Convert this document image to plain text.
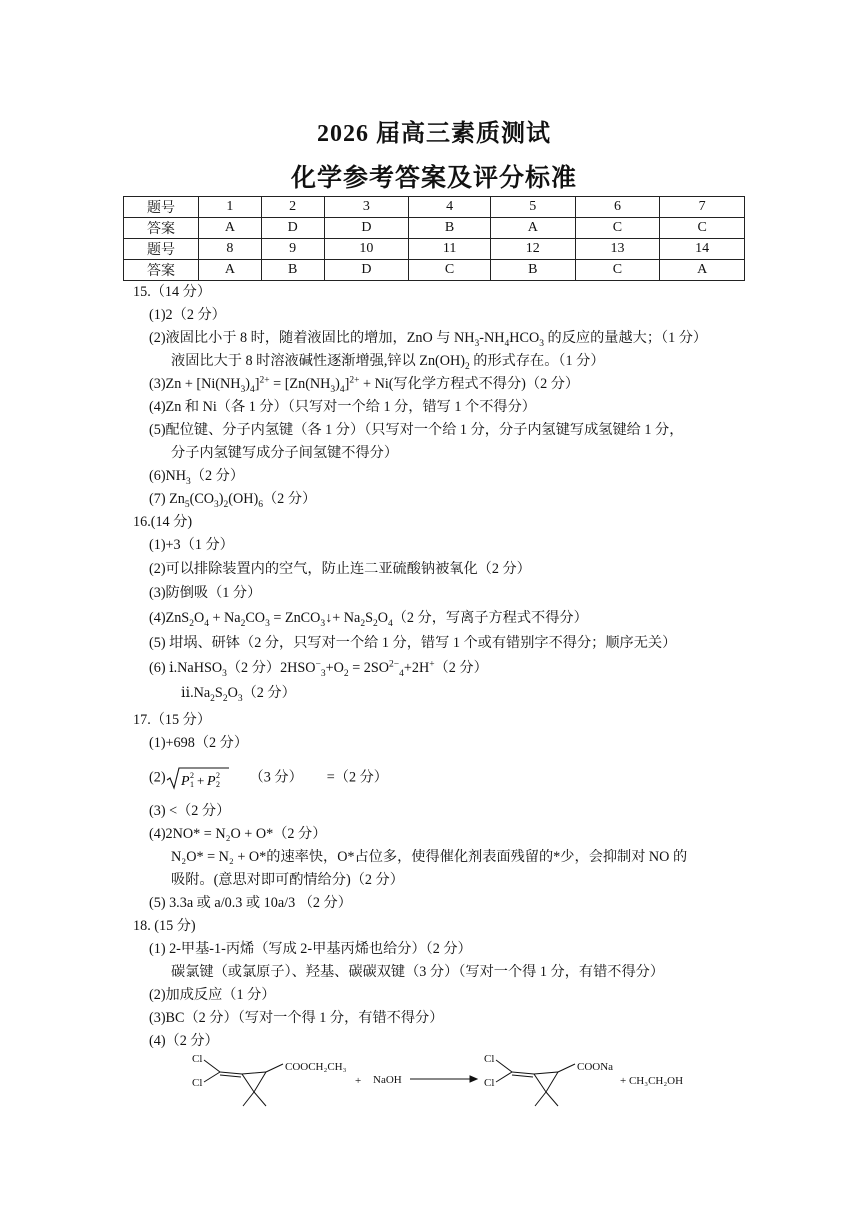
2026 届高三素质测试
化学参考答案及评分标准
题号	1	2	3	4	5	6	7
答案	A	D	D	B	A	C	C
题号	8	9	10	11	12	13	14
答案	A	B	D	C	B	C	A
15.（14 分）
(1)2（2 分）
(2)液固比小于 8 时，随着液固比的增加，ZnO 与 $NH_3-NH_4HCO_3$ 的反应的量越大；（1 分）
液固比大于 8 时溶液碱性逐渐增强,锌以 $Zn(OH)_2$ 的形式存在。（1 分）
$(3)Zn + [Ni(NH_3)_4]^{2+} = [Zn(NH_3)_4]^{2+} + Ni$(写化学方程式不得分)（2 分）
(4)Zn 和 Ni（各 1 分）（只写对一个给 1 分，错写 1 个不得分）
(5)配位键、分子内氢键（各 1 分）（只写对一个给 1 分，分子内氢键写成氢键给 1 分，
分子内氢键写成分子间氢键不得分）
$(6)NH_3(2$ 分）
(7) $Zn_5(CO_3)_2(OH)_6(2$ 分）
16.(14 分)
(1)+3（1 分）
(2)可以排除装置内的空气，防止连二亚硫酸钠被氧化（2 分）
(3)防倒吸（1 分）
$(4)ZnS_2O_4 + Na_2CO_3$ = ZnCO$_3$↓+ $Na_2S_2O_4(2$ 分，写离子方程式不得分）
(5) 坩埚、研钵（2 分，只写对一个给 1 分，错写 1 个或有错别字不得分；顺序无关）
(6) ⅰ.NaHSO$_3$（2 分）$2HSO^-_3+O_2 = 2SO^{2-}_4+2H^+(2$ 分）
$ⅱ.Na_2S_2O_3(2$ 分）
17.（15 分）
(1)+698（2 分）
(2) P 1
2 + P 2
2 （3 分） =（2 分）
(3) <（2 分）
(4)2NO* = N₂O + O*（2 分）
N₂O* = N₂ + O*的速率快，O*占位多，使得催化剂表面残留的*少，会抑制对 NO 的
吸附。(意思对即可酌情给分)（2 分）
(5) 3.3a 或 a/0.3 或 10a/3 （2 分）
18. (15 分)
(1) 2-甲基-1-丙烯（写成 2-甲基丙烯也给分）（2 分）
碳氯键（或氯原子）、羟基、碳碳双键（3 分）（写对一个得 1 分，有错不得分）
(2)加成反应（1 分）
(3)BC（2 分）（写对一个得 1 分，有错不得分）
(4)（2 分）
Cl
Cl
COOCH₂CH₃
+ NaOH
Cl
Cl
COONa
+ CH₃CH₂OH
